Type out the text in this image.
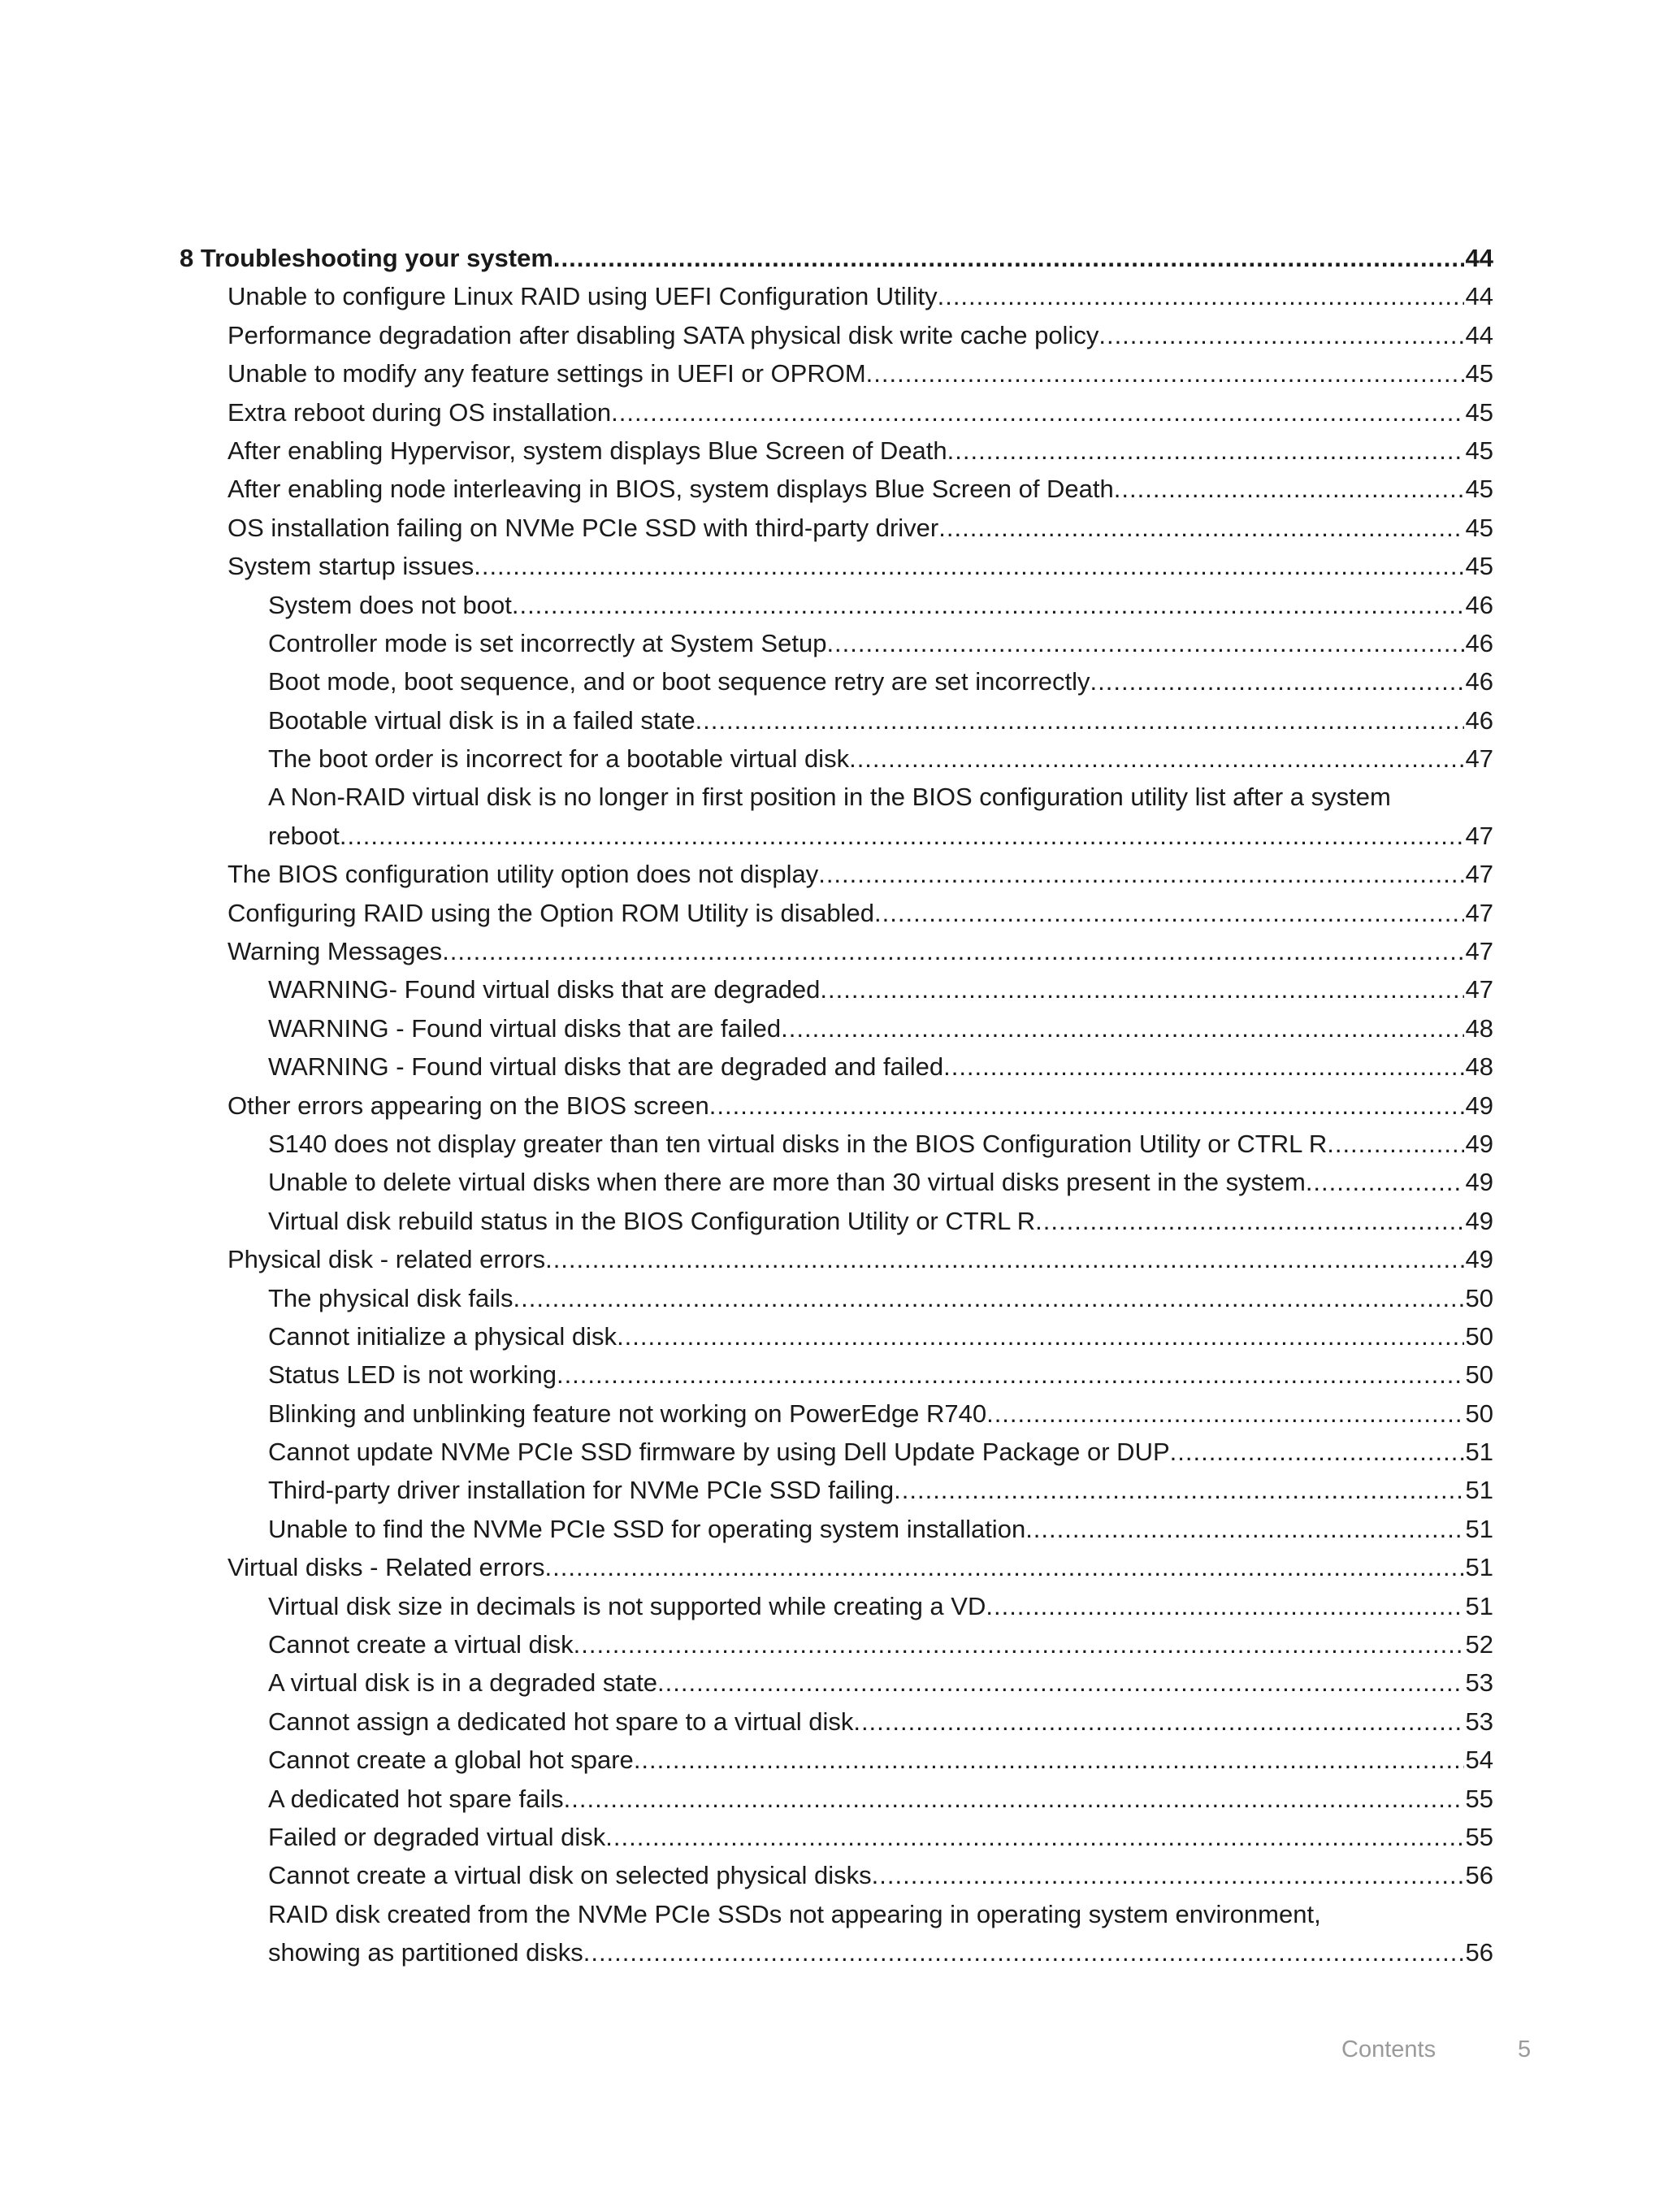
8 Troubleshooting your system .....	44
Unable to configure Linux RAID using UEFI Configuration Utility .....	44
Performance degradation after disabling SATA physical disk write cache policy .....	44
Unable to modify any feature settings in UEFI or OPROM .....	45
Extra reboot during OS installation .....	45
After enabling Hypervisor, system displays Blue Screen of Death .....	45
After enabling node interleaving in BIOS, system displays Blue Screen of Death .....	45
OS installation failing on NVMe PCIe SSD with third-party driver .....	45
System startup issues .....	45
System does not boot .....	46
Controller mode is set incorrectly at System Setup .....	46
Boot mode, boot sequence, and or boot sequence retry are set incorrectly .....	46
Bootable virtual disk is in a failed state .....	46
The boot order is incorrect for a bootable virtual disk .....	47
A Non-RAID virtual disk is no longer in first position in the BIOS configuration utility list after a system
reboot .....	47
The BIOS configuration utility option does not display .....	47
Configuring RAID using the Option ROM Utility is disabled .....	47
Warning Messages .....	47
WARNING- Found virtual disks that are degraded .....	47
WARNING - Found virtual disks that are failed .....	48
WARNING - Found virtual disks that are degraded and failed .....	48
Other errors appearing on the BIOS screen .....	49
S140 does not display greater than ten virtual disks in the BIOS Configuration Utility or CTRL R .....	49
Unable to delete virtual disks when there are more than 30 virtual disks present in the system .....	49
Virtual disk rebuild status in the BIOS Configuration Utility or CTRL R .....	49
Physical disk - related errors .....	49
The physical disk fails .....	50
Cannot initialize a physical disk .....	50
Status LED is not working .....	50
Blinking and unblinking feature not working on PowerEdge R740 .....	50
Cannot update NVMe PCIe SSD firmware by using Dell Update Package or DUP .....	51
Third-party driver installation for NVMe PCIe SSD failing .....	51
Unable to find the NVMe PCIe SSD for operating system installation .....	51
Virtual disks - Related errors .....	51
Virtual disk size in decimals is not supported while creating a VD .....	51
Cannot create a virtual disk .....	52
A virtual disk is in a degraded state .....	53
Cannot assign a dedicated hot spare to a virtual disk .....	53
Cannot create a global hot spare .....	54
A dedicated hot spare fails .....	55
Failed or degraded virtual disk .....	55
Cannot create a virtual disk on selected physical disks .....	56
RAID disk created from the NVMe PCIe SSDs not appearing in operating system environment,
showing as partitioned disks .....	56
Contents	5
